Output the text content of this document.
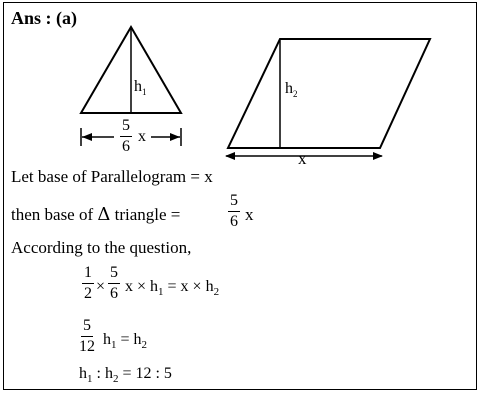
Ans : (a)
$h_1$
$\frac{5}{6}$ x
$h_2$
x
Let base of Parallelogram = x
then base of Δ triangle =	$\frac{5}{6}$ x
According to the question,
$\frac{1}{2} \times \frac{5}{6}$ $x \times h_1 = x \times h_2$
$\frac{5}{12} h_1 = h_2$
$h_1$ : $h_2 = 12$ : 5
